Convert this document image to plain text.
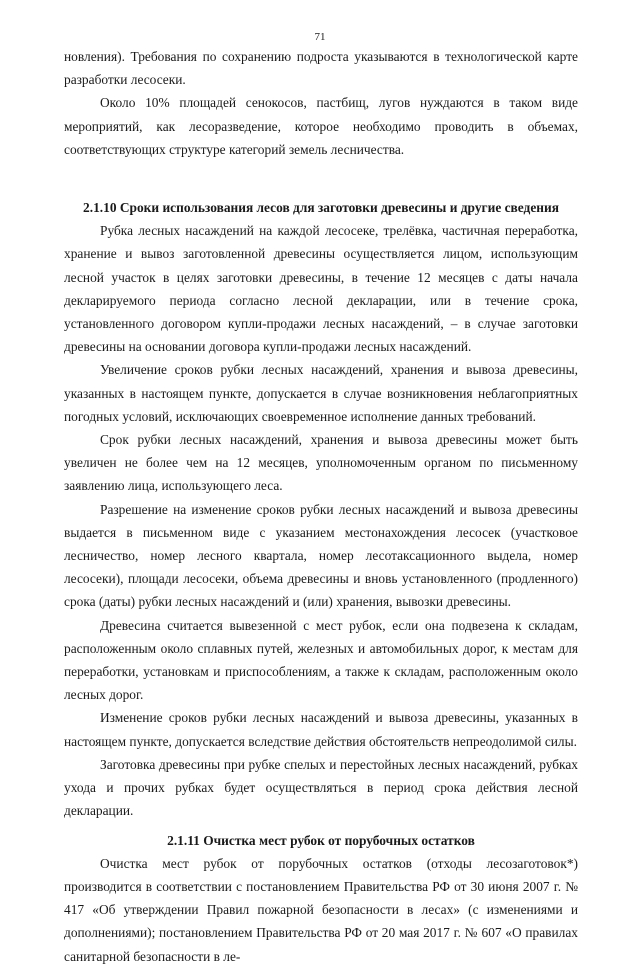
71

новления). Требования по сохранению подроста указываются в технологической карте разработки лесосеки.

Около 10% площадей сенокосов, пастбищ, лугов нуждаются в таком виде мероприятий, как лесоразведение, которое необходимо проводить в объемах, соответствующих структуре категорий земель лесничества.

2.1.10 Сроки использования лесов для заготовки древесины и другие сведения

Рубка лесных насаждений на каждой лесосеке, трелёвка, частичная переработка, хранение и вывоз заготовленной древесины осуществляется лицом, использующим лесной участок в целях заготовки древесины, в течение 12 месяцев с даты начала декларируемого периода согласно лесной декларации, или в течение срока, установленного договором купли-продажи лесных насаждений, – в случае заготовки древесины на основании договора купли-продажи лесных насаждений.

Увеличение сроков рубки лесных насаждений, хранения и вывоза древесины, указанных в настоящем пункте, допускается в случае возникновения неблагоприятных погодных условий, исключающих своевременное исполнение данных требований.

Срок рубки лесных насаждений, хранения и вывоза древесины может быть увеличен не более чем на 12 месяцев, уполномоченным органом по письменному заявлению лица, использующего леса.

Разрешение на изменение сроков рубки лесных насаждений и вывоза древесины выдается в письменном виде с указанием местонахождения лесосек (участковое лесничество, номер лесного квартала, номер лесотаксационного выдела, номер лесосеки), площади лесосеки, объема древесины и вновь установленного (продленного) срока (даты) рубки лесных насаждений и (или) хранения, вывозки древесины.

Древесина считается вывезенной с мест рубок, если она подвезена к складам, расположенным около сплавных путей, железных и автомобильных дорог, к местам для переработки, установкам и приспособлениям, а также к складам, расположенным около лесных дорог.

Изменение сроков рубки лесных насаждений и вывоза древесины, указанных в настоящем пункте, допускается вследствие действия обстоятельств непреодолимой силы.

Заготовка древесины при рубке спелых и перестойных лесных насаждений, рубках ухода и прочих рубках будет осуществляться в период срока действия лесной декларации.

2.1.11 Очистка мест рубок от порубочных остатков

Очистка мест рубок от порубочных остатков (отходы лесозаготовок*) производится в соответствии с постановлением Правительства РФ от 30 июня 2007 г. № 417 «Об утверждении Правил пожарной безопасности в лесах» (с изменениями и дополнениями); постановлением Правительства РФ от 20 мая 2017 г. № 607 «О правилах санитарной безопасности в ле-
